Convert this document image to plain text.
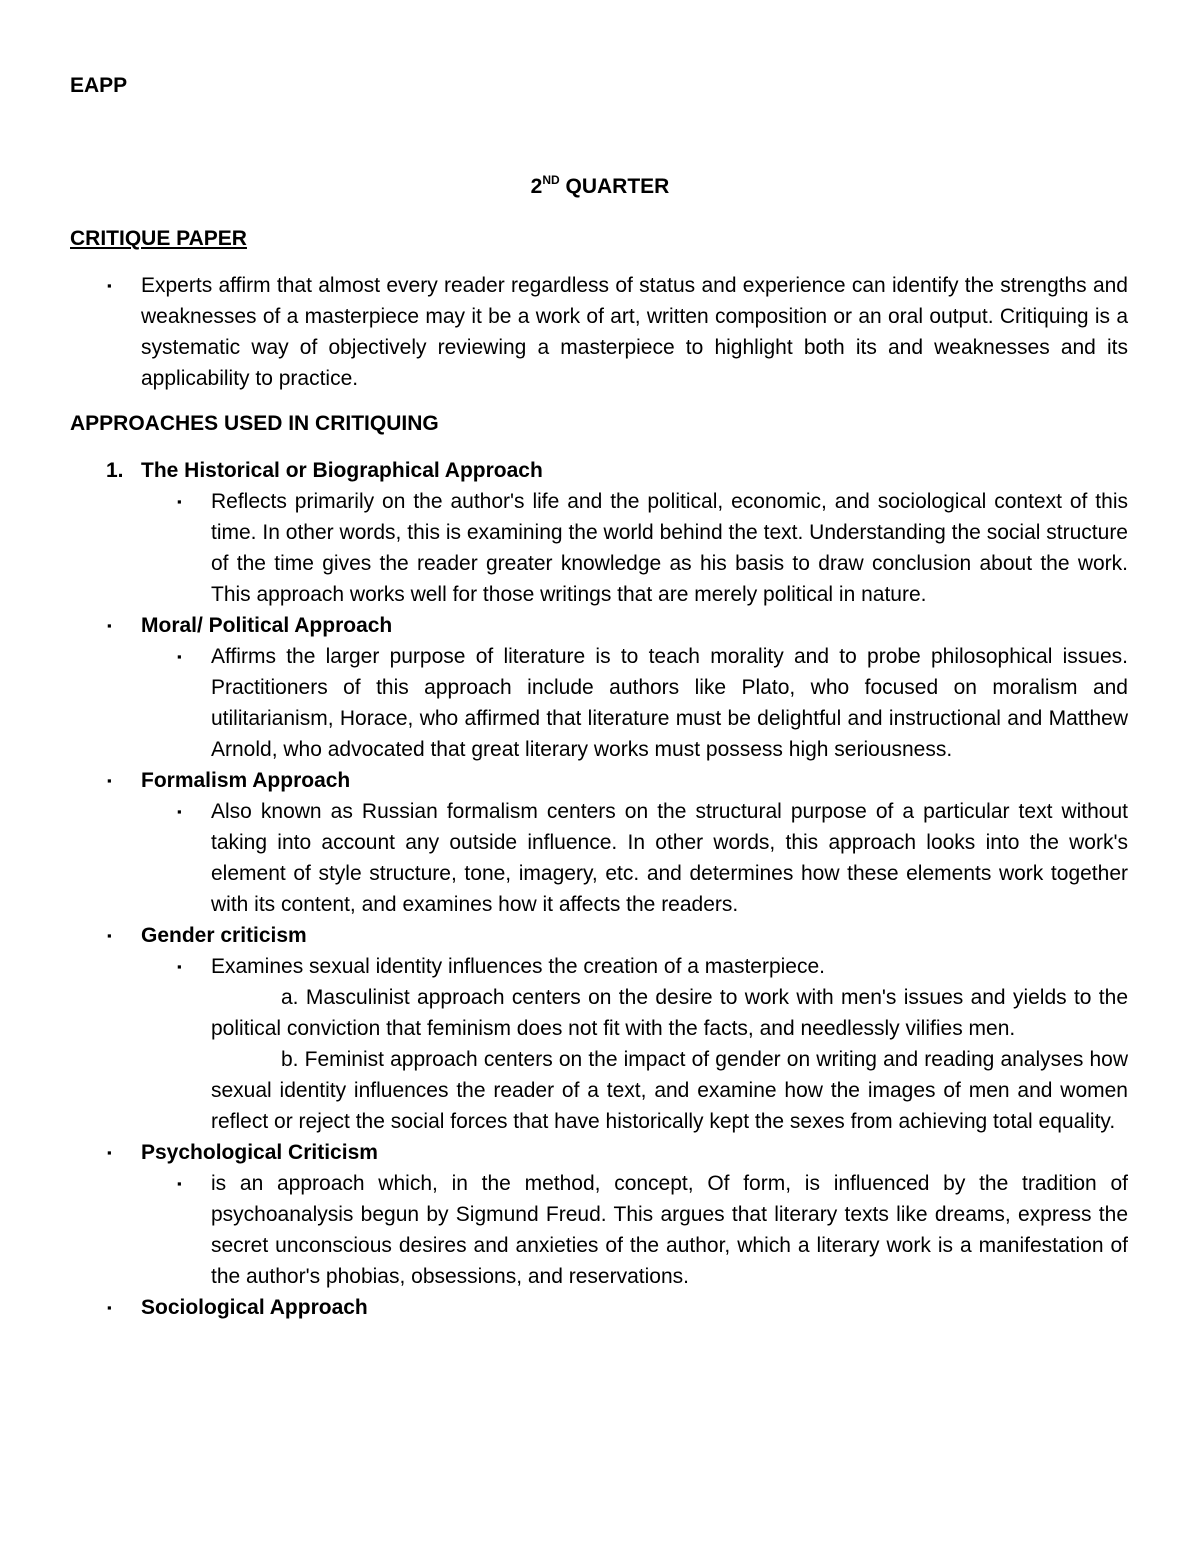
EAPP

2ND QUARTER

CRITIQUE PAPER

▪ Experts affirm that almost every reader regardless of status and experience can identify the strengths and weaknesses of a masterpiece may it be a work of art, written composition or an oral output. Critiquing is a systematic way of objectively reviewing a masterpiece to highlight both its and weaknesses and its applicability to practice.

APPROACHES USED IN CRITIQUING

1. The Historical or Biographical Approach
▪ Reflects primarily on the author's life and the political, economic, and sociological context of this time. In other words, this is examining the world behind the text. Understanding the social structure of the time gives the reader greater knowledge as his basis to draw conclusion about the work. This approach works well for those writings that are merely political in nature.
▪ Moral/ Political Approach
▪ Affirms the larger purpose of literature is to teach morality and to probe philosophical issues. Practitioners of this approach include authors like Plato, who focused on moralism and utilitarianism, Horace, who affirmed that literature must be delightful and instructional and Matthew Arnold, who advocated that great literary works must possess high seriousness.
▪ Formalism Approach
▪ Also known as Russian formalism centers on the structural purpose of a particular text without taking into account any outside influence. In other words, this approach looks into the work's element of style structure, tone, imagery, etc. and determines how these elements work together with its content, and examines how it affects the readers.
▪ Gender criticism
▪ Examines sexual identity influences the creation of a masterpiece.
a. Masculinist approach centers on the desire to work with men's issues and yields to the political conviction that feminism does not fit with the facts, and needlessly vilifies men.
b. Feminist approach centers on the impact of gender on writing and reading analyses how sexual identity influences the reader of a text, and examine how the images of men and women reflect or reject the social forces that have historically kept the sexes from achieving total equality.
▪ Psychological Criticism
▪ is an approach which, in the method, concept, Of form, is influenced by the tradition of psychoanalysis begun by Sigmund Freud. This argues that literary texts like dreams, express the secret unconscious desires and anxieties of the author, which a literary work is a manifestation of the author's phobias, obsessions, and reservations.
▪ Sociological Approach
